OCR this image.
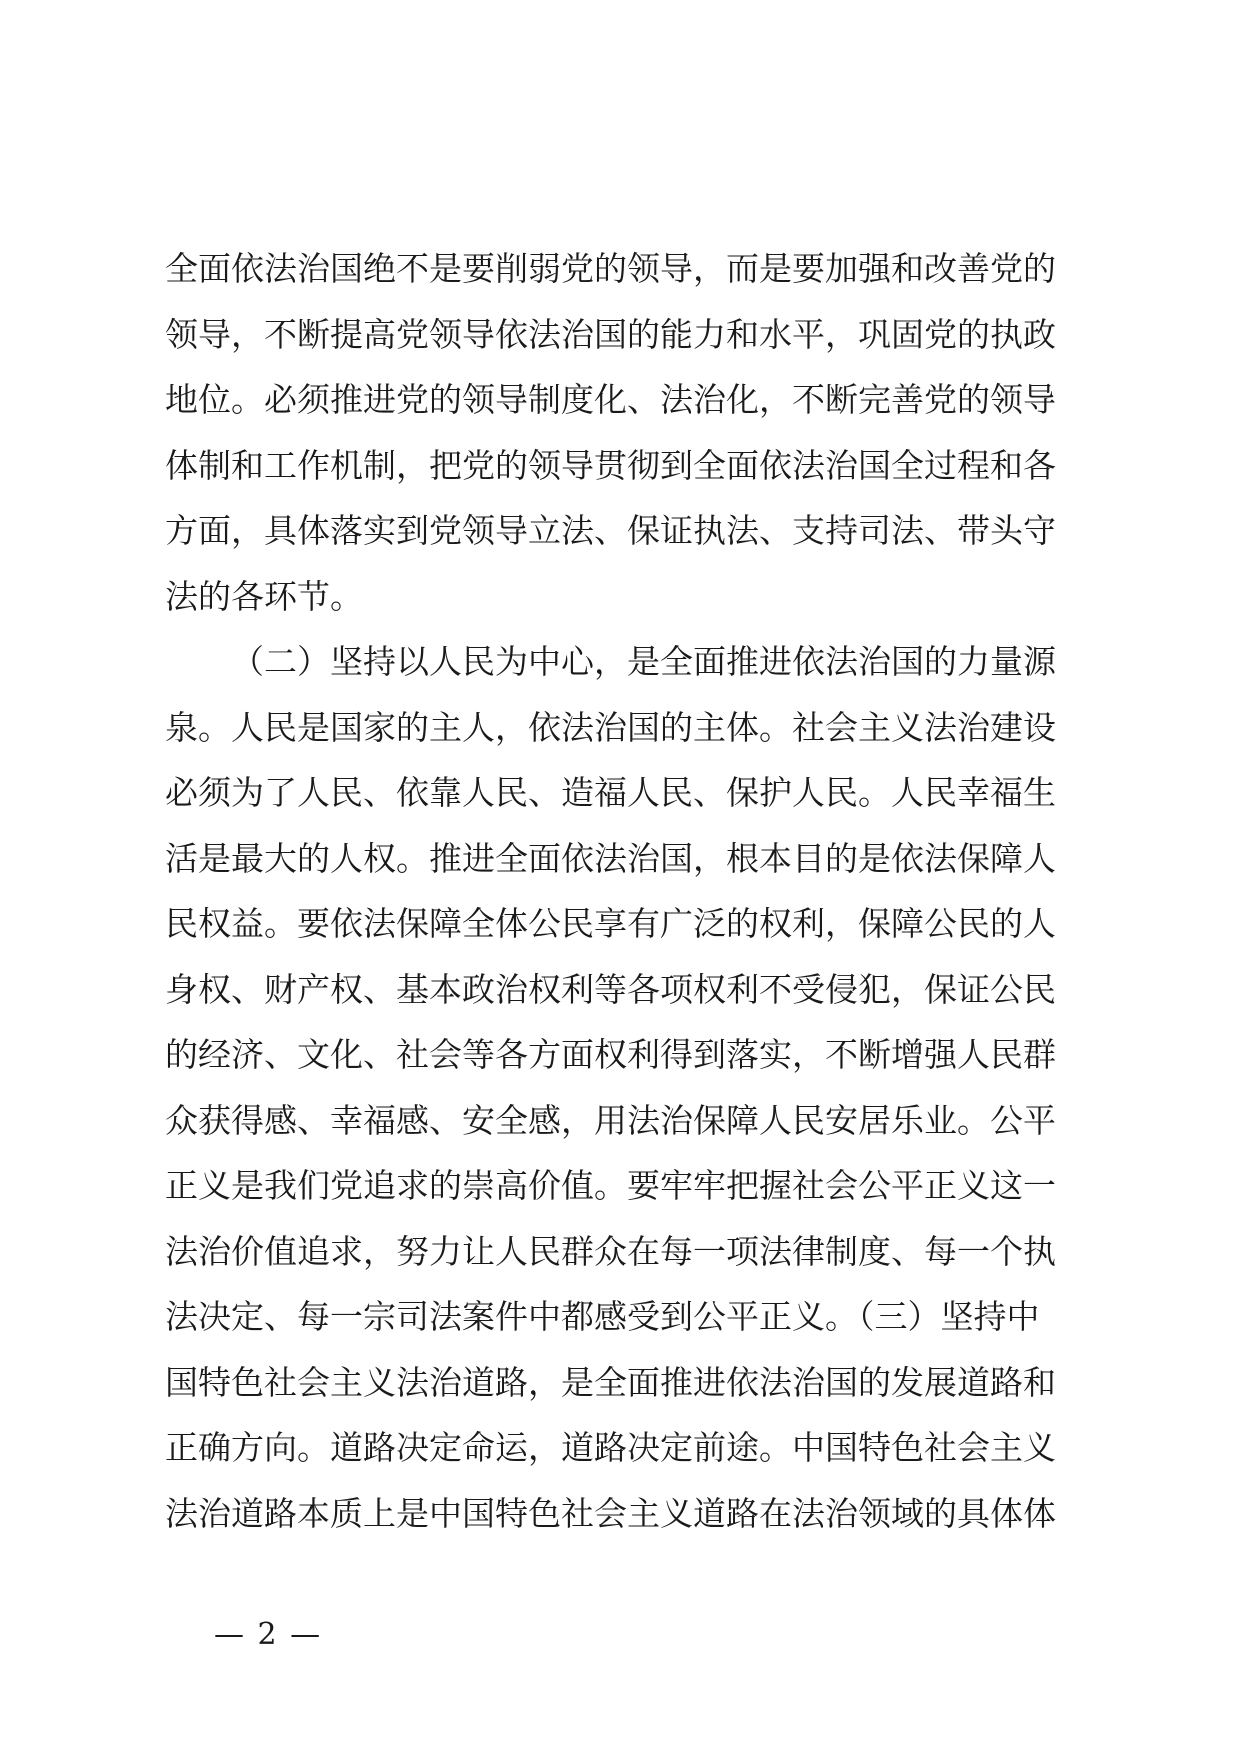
全面依法治国绝不是要削弱党的领导，而是要加强和改善党的
领导，不断提高党领导依法治国的能力和水平，巩固党的执政
地位。必须推进党的领导制度化、法治化，不断完善党的领导
体制和工作机制，把党的领导贯彻到全面依法治国全过程和各
方面，具体落实到党领导立法、保证执法、支持司法、带头守
法的各环节。
（二）坚持以人民为中心，是全面推进依法治国的力量源
泉。人民是国家的主人，依法治国的主体。社会主义法治建设
必须为了人民、依靠人民、造福人民、保护人民。人民幸福生
活是最大的人权。推进全面依法治国，根本目的是依法保障人
民权益。要依法保障全体公民享有广泛的权利，保障公民的人
身权、财产权、基本政治权利等各项权利不受侵犯，保证公民
的经济、文化、社会等各方面权利得到落实，不断增强人民群
众获得感、幸福感、安全感，用法治保障人民安居乐业。公平
正义是我们党追求的崇高价值。要牢牢把握社会公平正义这一
法治价值追求，努力让人民群众在每一项法律制度、每一个执
法决定、每一宗司法案件中都感受到公平正义。（三）坚持中
国特色社会主义法治道路，是全面推进依法治国的发展道路和
正确方向。道路决定命运，道路决定前途。中国特色社会主义
法治道路本质上是中国特色社会主义道路在法治领域的具体体
— 2 —
